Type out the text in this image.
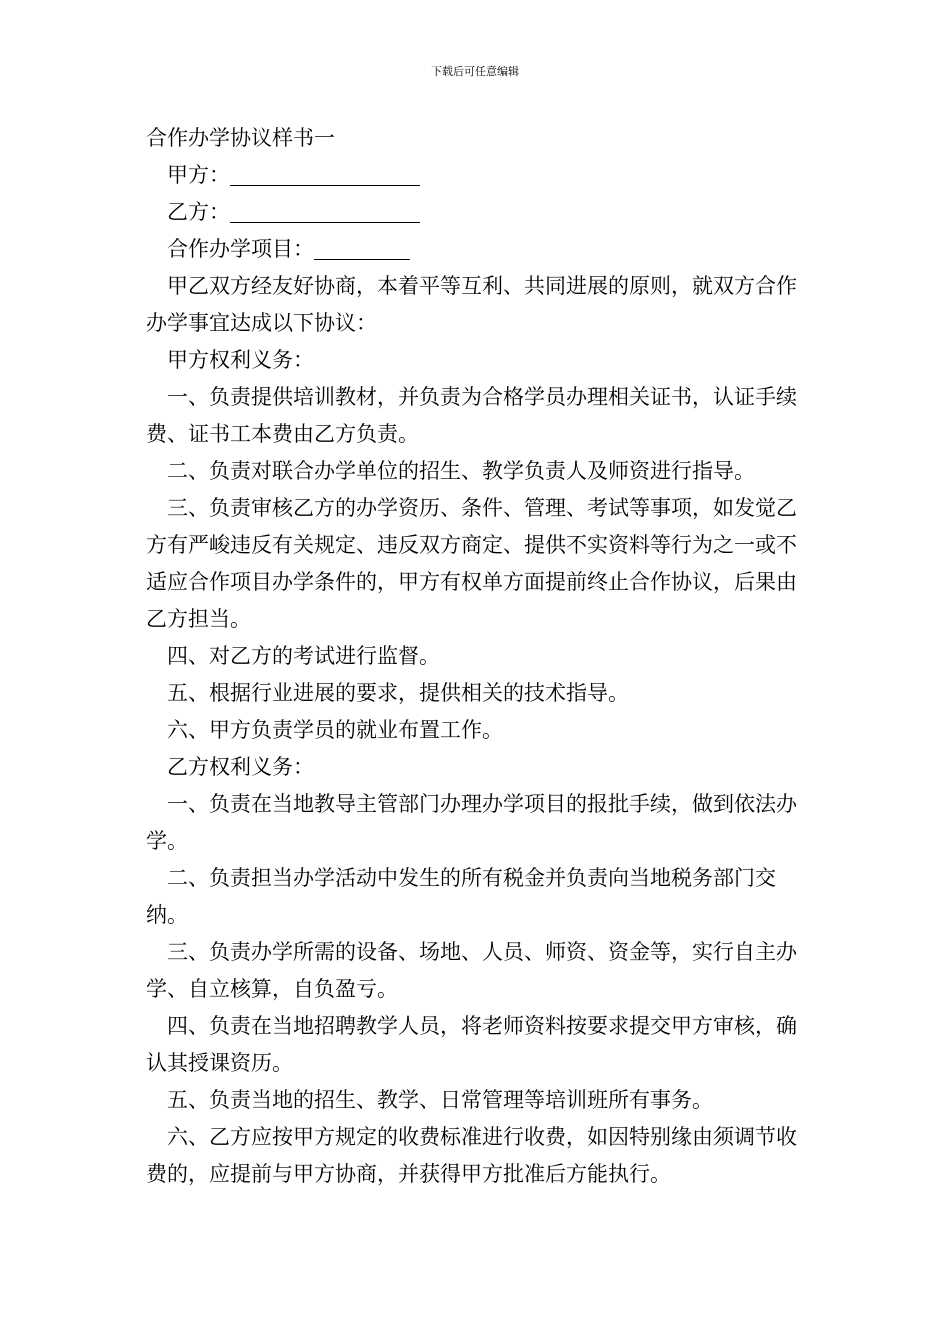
下载后可任意编辑

合作办学协议样书一

甲方：

乙方：

合作办学项目：

甲乙双方经友好协商，本着平等互利、共同进展的原则，就双方合作办学事宜达成以下协议：

甲方权利义务：

一、负责提供培训教材，并负责为合格学员办理相关证书，认证手续费、证书工本费由乙方负责。

二、负责对联合办学单位的招生、教学负责人及师资进行指导。

三、负责审核乙方的办学资历、条件、管理、考试等事项，如发觉乙方有严峻违反有关规定、违反双方商定、提供不实资料等行为之一或不适应合作项目办学条件的，甲方有权单方面提前终止合作协议，后果由乙方担当。

四、对乙方的考试进行监督。

五、根据行业进展的要求，提供相关的技术指导。

六、甲方负责学员的就业布置工作。

乙方权利义务：

一、负责在当地教导主管部门办理办学项目的报批手续，做到依法办学。

二、负责担当办学活动中发生的所有税金并负责向当地税务部门交纳。

三、负责办学所需的设备、场地、人员、师资、资金等，实行自主办学、自立核算，自负盈亏。

四、负责在当地招聘教学人员，将老师资料按要求提交甲方审核，确认其授课资历。

五、负责当地的招生、教学、日常管理等培训班所有事务。

六、乙方应按甲方规定的收费标准进行收费，如因特别缘由须调节收费的，应提前与甲方协商，并获得甲方批准后方能执行。
